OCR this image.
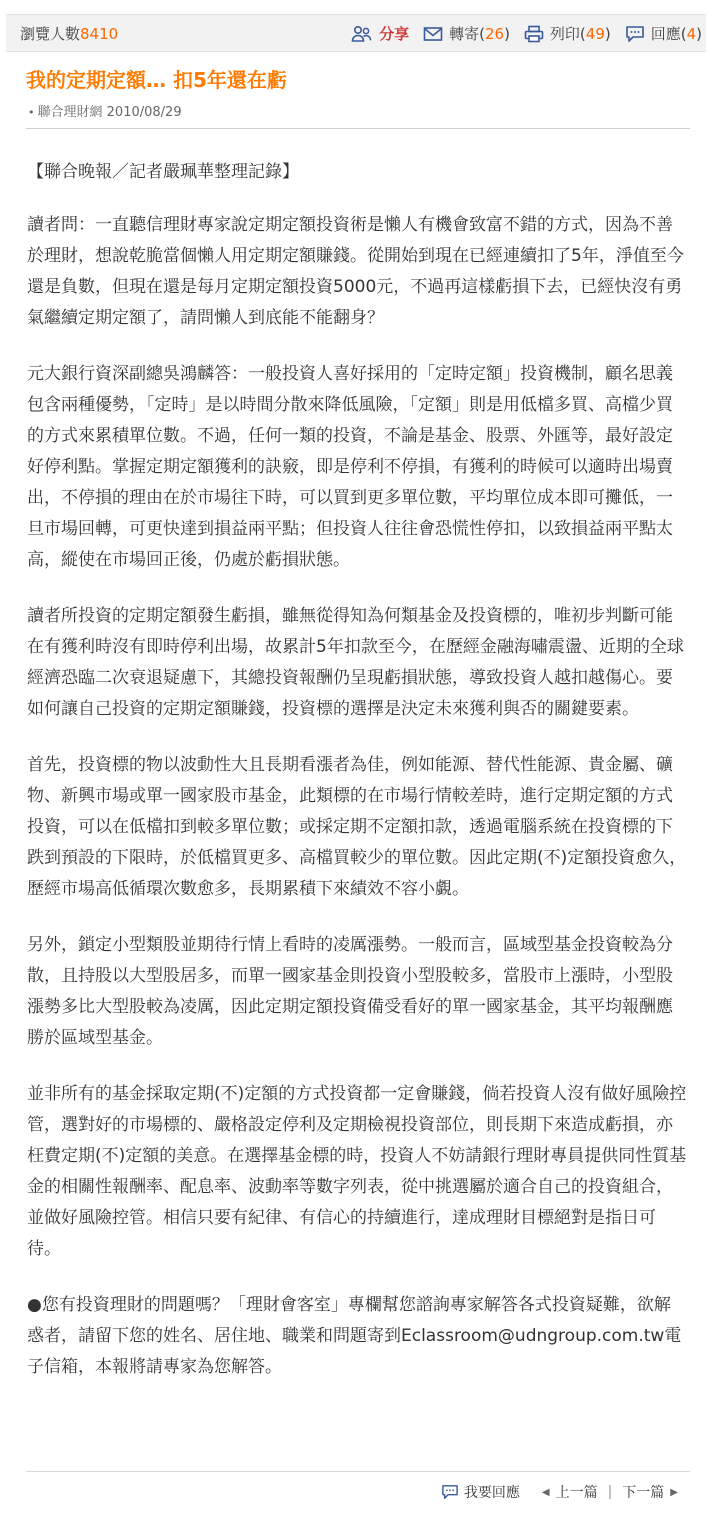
瀏覽人數8410	分享	轉寄( 26 )	列印( 49 )	回應( 4 )
我的定期定額… 扣5年還在虧
• 聯合理財網 2010/08/29

【聯合晚報／記者嚴珮華整理記錄】

讀者問：一直聽信理財專家說定期定額投資術是懶人有機會致富不錯的方式，因為不善於理財，想說乾脆當個懶人用定期定額賺錢。從開始到現在已經連續扣了5年，淨值至今還是負數，但現在還是每月定期定額投資5000元，不過再這樣虧損下去，已經快沒有勇氣繼續定期定額了，請問懶人到底能不能翻身？

元大銀行資深副總吳鴻麟答：一般投資人喜好採用的「定時定額」投資機制，顧名思義包含兩種優勢，「定時」是以時間分散來降低風險，「定額」則是用低檔多買、高檔少買的方式來累積單位數。不過，任何一類的投資，不論是基金、股票、外匯等，最好設定好停利點。掌握定期定額獲利的訣竅，即是停利不停損，有獲利的時候可以適時出場賣出，不停損的理由在於市場往下時，可以買到更多單位數，平均單位成本即可攤低，一旦市場回轉，可更快達到損益兩平點；但投資人往往會恐慌性停扣，以致損益兩平點太高，縱使在市場回正後，仍處於虧損狀態。

讀者所投資的定期定額發生虧損，雖無從得知為何類基金及投資標的，唯初步判斷可能在有獲利時沒有即時停利出場，故累計5年扣款至今，在歷經金融海嘯震盪、近期的全球經濟恐臨二次衰退疑慮下，其總投資報酬仍呈現虧損狀態，導致投資人越扣越傷心。要如何讓自己投資的定期定額賺錢，投資標的選擇是決定未來獲利與否的關鍵要素。

首先，投資標的物以波動性大且長期看漲者為佳，例如能源、替代性能源、貴金屬、礦物、新興市場或單一國家股市基金，此類標的在市場行情較差時，進行定期定額的方式投資，可以在低檔扣到較多單位數；或採定期不定額扣款，透過電腦系統在投資標的下跌到預設的下限時，於低檔買更多、高檔買較少的單位數。因此定期(不)定額投資愈久，歷經市場高低循環次數愈多，長期累積下來績效不容小覷。

另外，鎖定小型類股並期待行情上看時的凌厲漲勢。一般而言，區域型基金投資較為分散，且持股以大型股居多，而單一國家基金則投資小型股較多，當股市上漲時，小型股漲勢多比大型股較為凌厲，因此定期定額投資備受看好的單一國家基金，其平均報酬應勝於區域型基金。

並非所有的基金採取定期(不)定額的方式投資都一定會賺錢，倘若投資人沒有做好風險控管，選對好的市場標的、嚴格設定停利及定期檢視投資部位，則長期下來造成虧損，亦枉費定期(不)定額的美意。在選擇基金標的時，投資人不妨請銀行理財專員提供同性質基金的相關性報酬率、配息率、波動率等數字列表，從中挑選屬於適合自己的投資組合，並做好風險控管。相信只要有紀律、有信心的持續進行，達成理財目標絕對是指日可待。

●您有投資理財的問題嗎？「理財會客室」專欄幫您諮詢專家解答各式投資疑難，欲解惑者，請留下您的姓名、居住地、職業和問題寄到Eclassroom@udngroup.com.tw電子信箱，本報將請專家為您解答。

我要回應 ◀ 上一篇 | 下一篇 ▶
